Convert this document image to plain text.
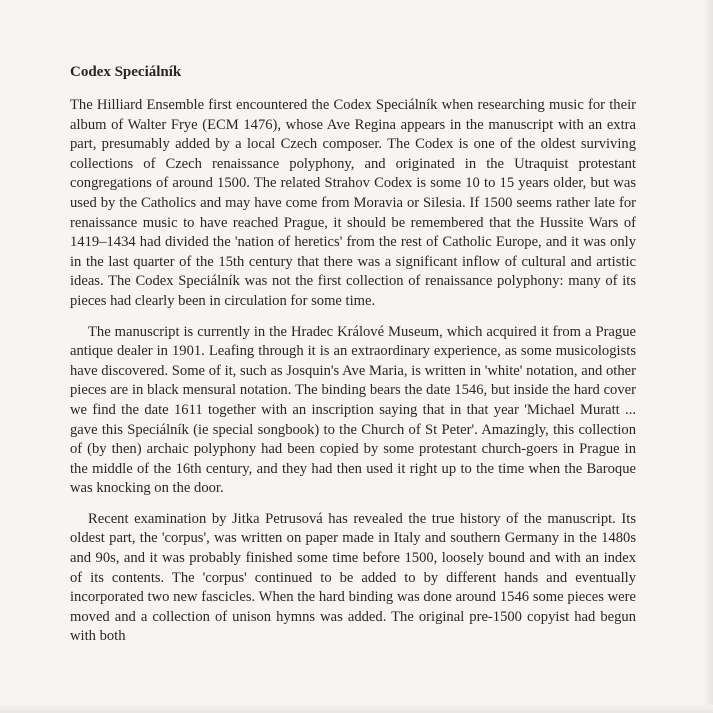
Codex Speciálník

The Hilliard Ensemble first encountered the Codex Speciálník when researching music for their album of Walter Frye (ECM 1476), whose Ave Regina appears in the manuscript with an extra part, presumably added by a local Czech composer. The Codex is one of the oldest surviving collections of Czech renaissance polyphony, and originated in the Utraquist protestant congregations of around 1500. The related Strahov Codex is some 10 to 15 years older, but was used by the Catholics and may have come from Moravia or Silesia. If 1500 seems rather late for renaissance music to have reached Prague, it should be remembered that the Hussite Wars of 1419–1434 had divided the 'nation of heretics' from the rest of Catholic Europe, and it was only in the last quarter of the 15th century that there was a significant inflow of cultural and artistic ideas. The Codex Speciálník was not the first collection of renaissance polyphony: many of its pieces had clearly been in circulation for some time.

The manuscript is currently in the Hradec Králové Museum, which acquired it from a Prague antique dealer in 1901. Leafing through it is an extraordinary experience, as some musicologists have discovered. Some of it, such as Josquin's Ave Maria, is written in 'white' notation, and other pieces are in black mensural notation. The binding bears the date 1546, but inside the hard cover we find the date 1611 together with an inscription saying that in that year 'Michael Muratt ... gave this Speciálník (ie special songbook) to the Church of St Peter'. Amazingly, this collection of (by then) archaic polyphony had been copied by some protestant church-goers in Prague in the middle of the 16th century, and they had then used it right up to the time when the Baroque was knocking on the door.

Recent examination by Jitka Petrusová has revealed the true history of the manuscript. Its oldest part, the 'corpus', was written on paper made in Italy and southern Germany in the 1480s and 90s, and it was probably finished some time before 1500, loosely bound and with an index of its contents. The 'corpus' continued to be added to by different hands and eventually incorporated two new fascicles. When the hard binding was done around 1546 some pieces were moved and a collection of unison hymns was added. The original pre-1500 copyist had begun with both
